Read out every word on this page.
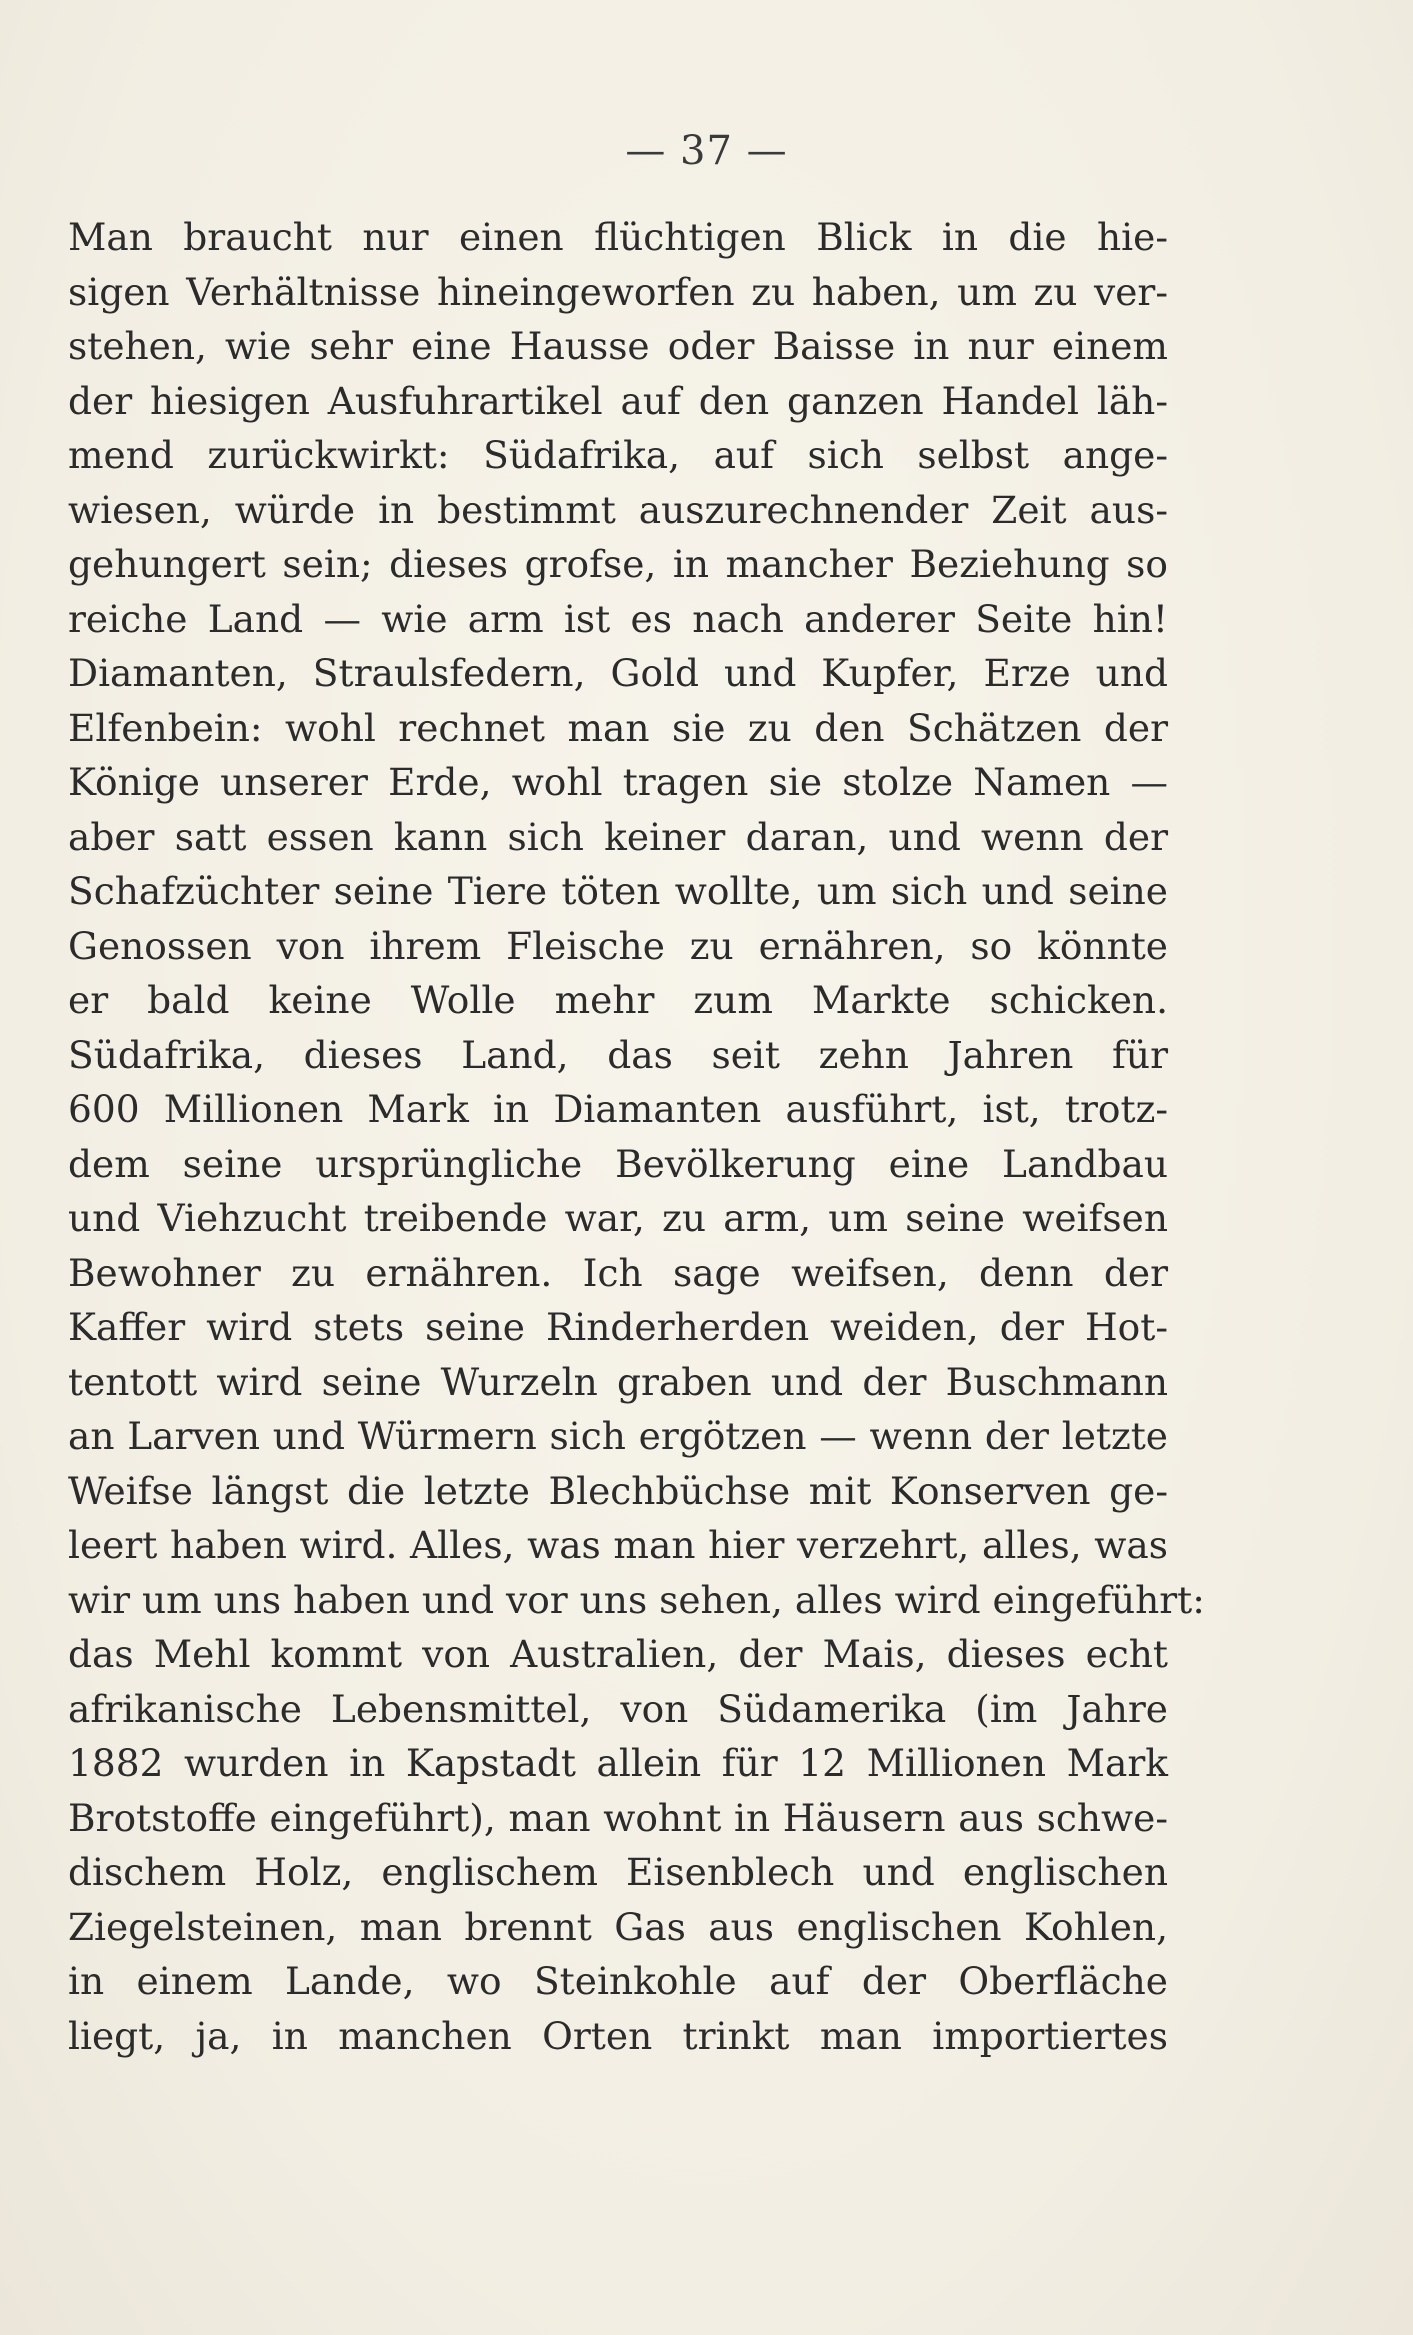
— 37 —
Man braucht nur einen flüchtigen Blick in die hie-
sigen Verhältnisse hineingeworfen zu haben, um zu ver-
stehen, wie sehr eine Hausse oder Baisse in nur einem
der hiesigen Ausfuhrartikel auf den ganzen Handel läh-
mend zurückwirkt: Südafrika, auf sich selbst ange-
wiesen, würde in bestimmt auszurechnender Zeit aus-
gehungert sein; dieses grofse, in mancher Beziehung so
reiche Land — wie arm ist es nach anderer Seite hin!
Diamanten, Straulsfedern, Gold und Kupfer, Erze und
Elfenbein: wohl rechnet man sie zu den Schätzen der
Könige unserer Erde, wohl tragen sie stolze Namen —
aber satt essen kann sich keiner daran, und wenn der
Schafzüchter seine Tiere töten wollte, um sich und seine
Genossen von ihrem Fleische zu ernähren, so könnte
er bald keine Wolle mehr zum Markte schicken.
Südafrika, dieses Land, das seit zehn Jahren für
600 Millionen Mark in Diamanten ausführt, ist, trotz-
dem seine ursprüngliche Bevölkerung eine Landbau
und Viehzucht treibende war, zu arm, um seine weifsen
Bewohner zu ernähren. Ich sage weifsen, denn der
Kaffer wird stets seine Rinderherden weiden, der Hot-
tentott wird seine Wurzeln graben und der Buschmann
an Larven und Würmern sich ergötzen — wenn der letzte
Weifse längst die letzte Blechbüchse mit Konserven ge-
leert haben wird. Alles, was man hier verzehrt, alles, was
wir um uns haben und vor uns sehen, alles wird eingeführt:
das Mehl kommt von Australien, der Mais, dieses echt
afrikanische Lebensmittel, von Südamerika (im Jahre
1882 wurden in Kapstadt allein für 12 Millionen Mark
Brotstoffe eingeführt), man wohnt in Häusern aus schwe-
dischem Holz, englischem Eisenblech und englischen
Ziegelsteinen, man brennt Gas aus englischen Kohlen,
in einem Lande, wo Steinkohle auf der Oberfläche
liegt, ja, in manchen Orten trinkt man importiertes
